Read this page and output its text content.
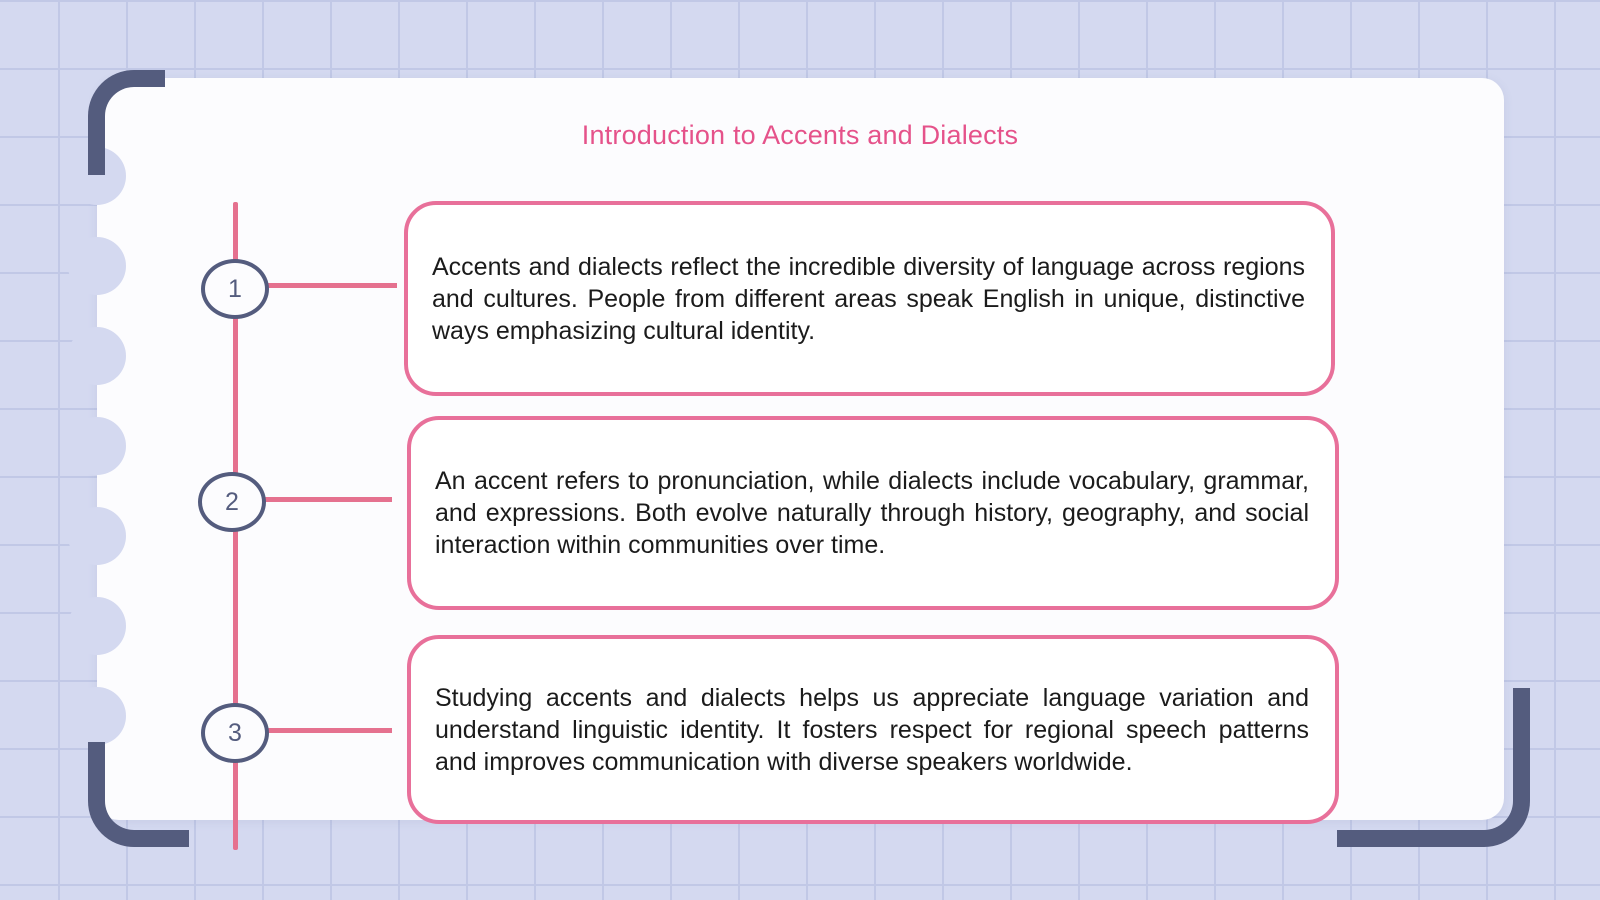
Introduction to Accents and Dialects
1
2
3
Accents and dialects reflect the incredible diversity of language across regions and cultures. People from different areas speak English in unique, distinctive ways emphasizing cultural identity.
An accent refers to pronunciation, while dialects include vocabulary, grammar, and expressions. Both evolve naturally through history, geography, and social interaction within communities over time.
Studying accents and dialects helps us appreciate language variation and understand linguistic identity. It fosters respect for regional speech patterns and improves communication with diverse speakers worldwide.
